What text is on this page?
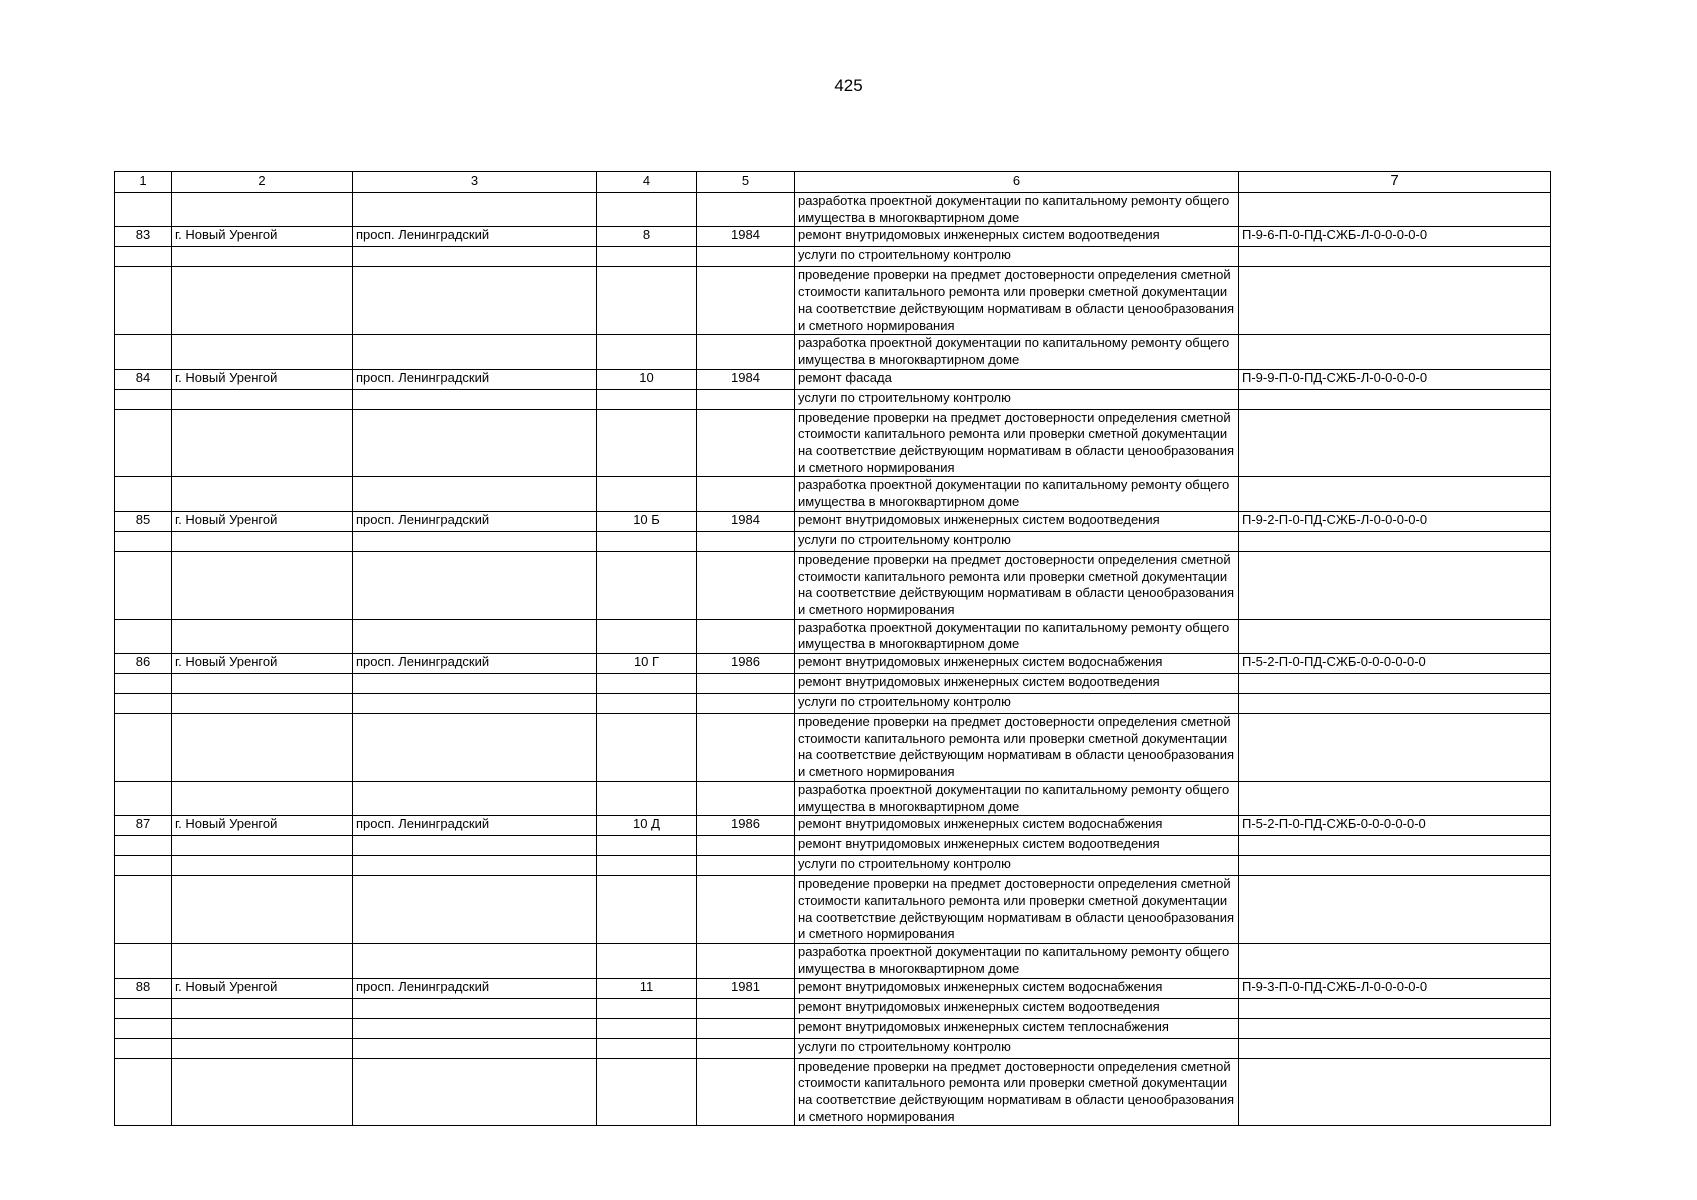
425
1	2	3	4	5	6	7
					разработка проектной документации по капитальному ремонту общего имущества в многоквартирном доме	
83	г. Новый Уренгой	просп. Ленинградский	8	1984	ремонт внутридомовых инженерных систем водоотведения	П-9-6-П-0-ПД-СЖБ-Л-0-0-0-0-0
					услуги по строительному контролю	
					проведение проверки на предмет достоверности определения сметной стоимости капитального ремонта или проверки сметной документации на соответствие действующим нормативам в области ценообразования и сметного нормирования	
					разработка проектной документации по капитальному ремонту общего имущества в многоквартирном доме	
84	г. Новый Уренгой	просп. Ленинградский	10	1984	ремонт фасада	П-9-9-П-0-ПД-СЖБ-Л-0-0-0-0-0
					услуги по строительному контролю	
					проведение проверки на предмет достоверности определения сметной стоимости капитального ремонта или проверки сметной документации на соответствие действующим нормативам в области ценообразования и сметного нормирования	
					разработка проектной документации по капитальному ремонту общего имущества в многоквартирном доме	
85	г. Новый Уренгой	просп. Ленинградский	10 Б	1984	ремонт внутридомовых инженерных систем водоотведения	П-9-2-П-0-ПД-СЖБ-Л-0-0-0-0-0
					услуги по строительному контролю	
					проведение проверки на предмет достоверности определения сметной стоимости капитального ремонта или проверки сметной документации на соответствие действующим нормативам в области ценообразования и сметного нормирования	
					разработка проектной документации по капитальному ремонту общего имущества в многоквартирном доме	
86	г. Новый Уренгой	просп. Ленинградский	10 Г	1986	ремонт внутридомовых инженерных систем водоснабжения	П-5-2-П-0-ПД-СЖБ-0-0-0-0-0-0
					ремонт внутридомовых инженерных систем водоотведения	
					услуги по строительному контролю	
					проведение проверки на предмет достоверности определения сметной стоимости капитального ремонта или проверки сметной документации на соответствие действующим нормативам в области ценообразования и сметного нормирования	
					разработка проектной документации по капитальному ремонту общего имущества в многоквартирном доме	
87	г. Новый Уренгой	просп. Ленинградский	10 Д	1986	ремонт внутридомовых инженерных систем водоснабжения	П-5-2-П-0-ПД-СЖБ-0-0-0-0-0-0
					ремонт внутридомовых инженерных систем водоотведения	
					услуги по строительному контролю	
					проведение проверки на предмет достоверности определения сметной стоимости капитального ремонта или проверки сметной документации на соответствие действующим нормативам в области ценообразования и сметного нормирования	
					разработка проектной документации по капитальному ремонту общего имущества в многоквартирном доме	
88	г. Новый Уренгой	просп. Ленинградский	11	1981	ремонт внутридомовых инженерных систем водоснабжения	П-9-3-П-0-ПД-СЖБ-Л-0-0-0-0-0
					ремонт внутридомовых инженерных систем водоотведения	
					ремонт внутридомовых инженерных систем теплоснабжения	
					услуги по строительному контролю	
					проведение проверки на предмет достоверности определения сметной стоимости капитального ремонта или проверки сметной документации на соответствие действующим нормативам в области ценообразования и сметного нормирования	
